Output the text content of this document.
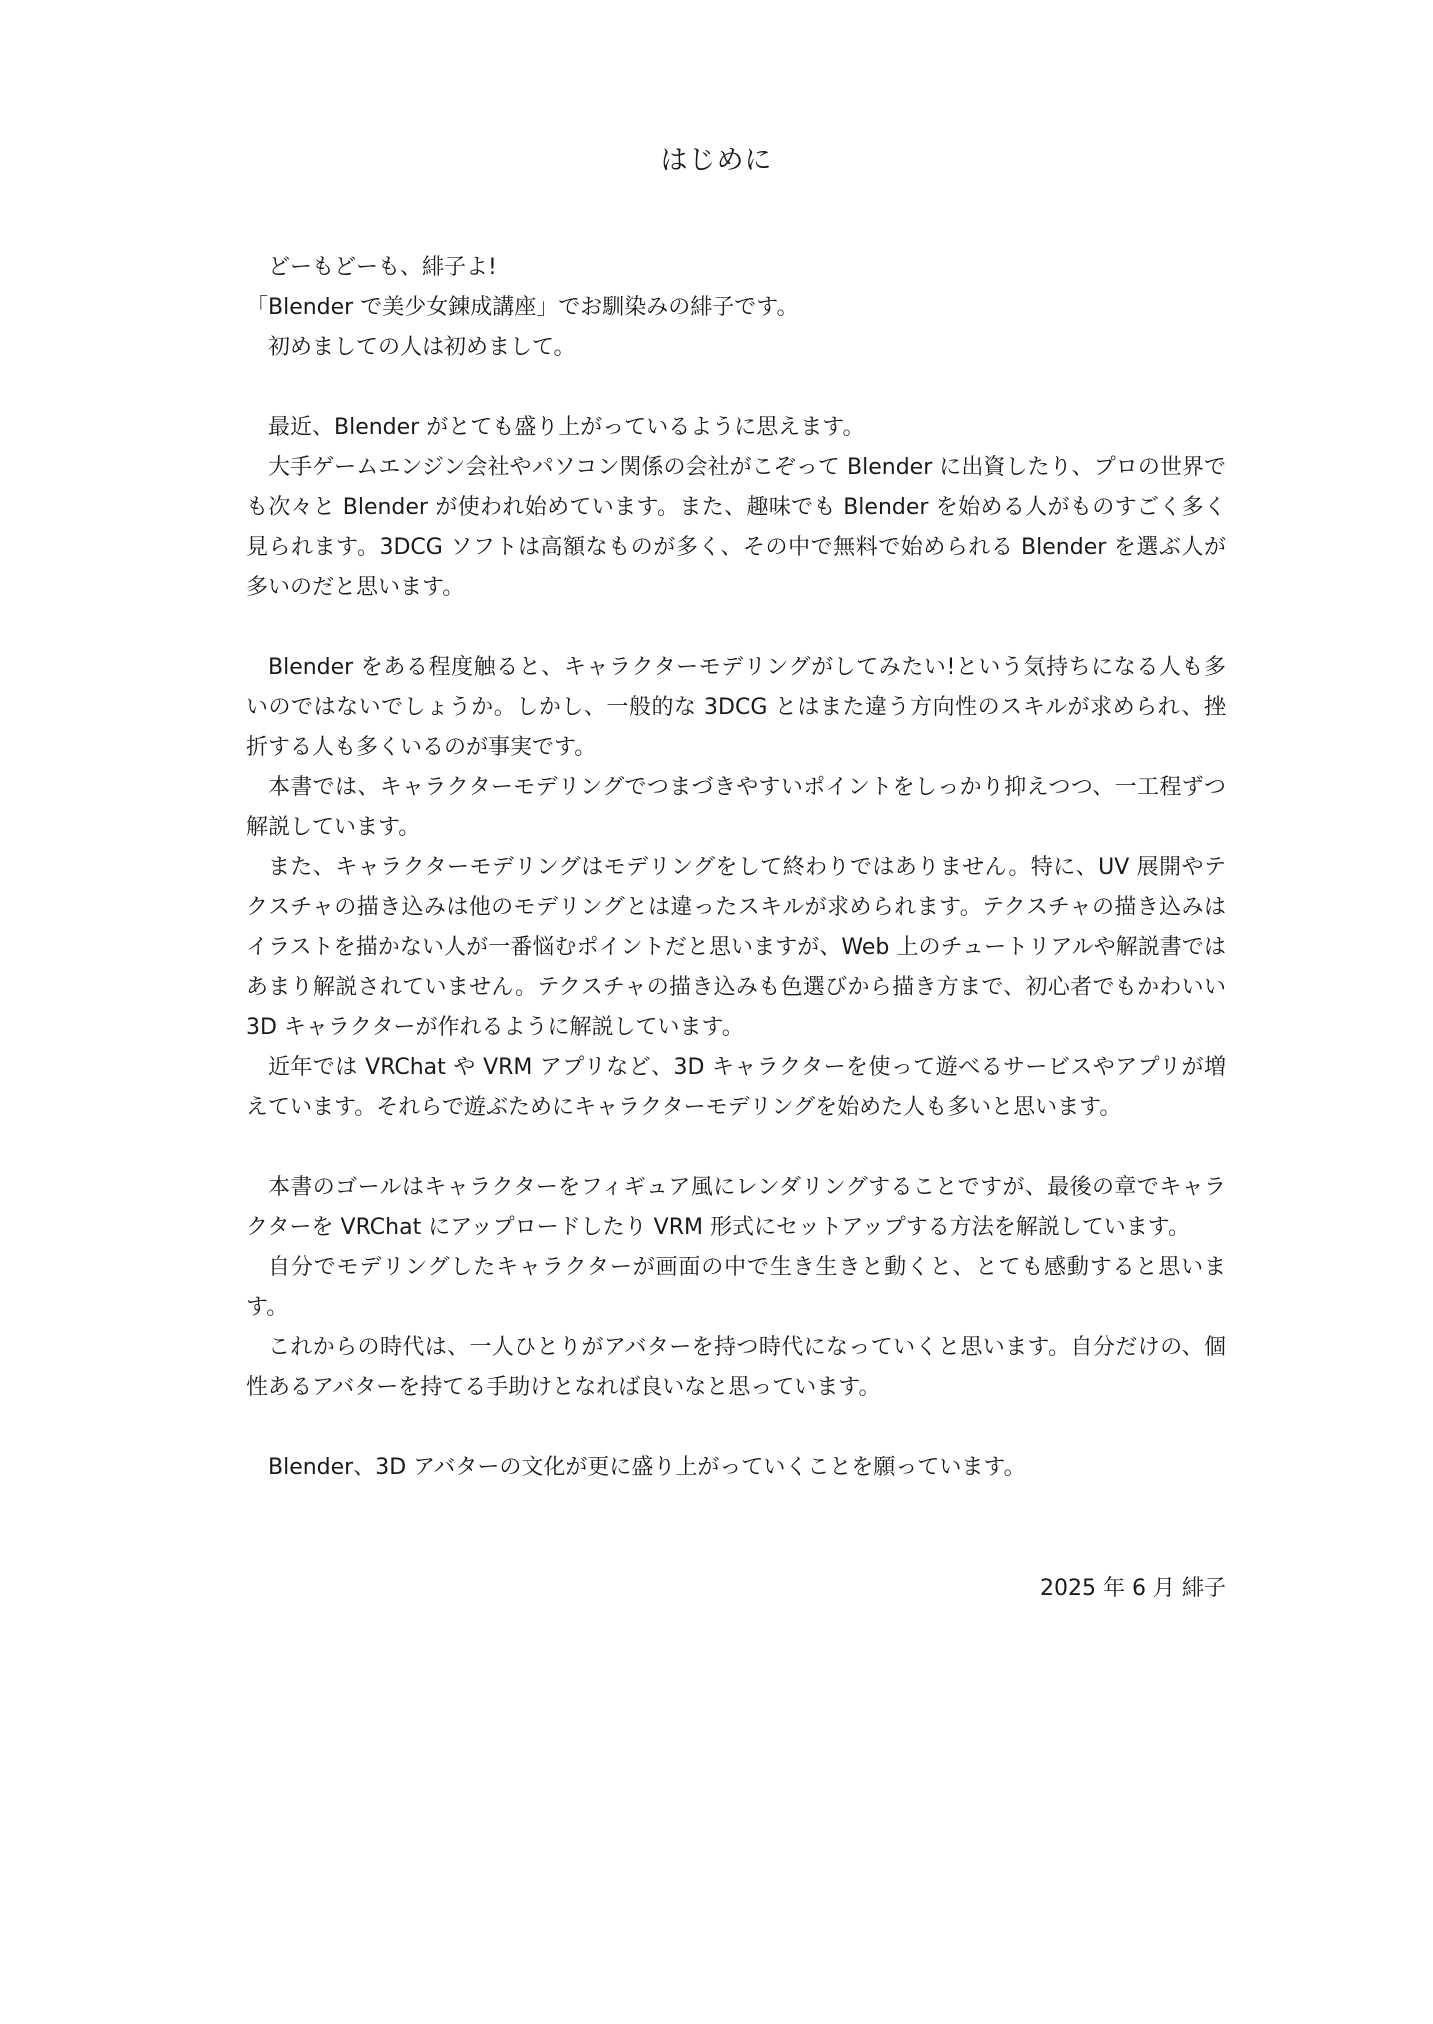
はじめに

どーもどーも、緋子よ!

「Blender で美少女錬成講座」でお馴染みの緋子です。

初めましての人は初めまして。

最近、Blender がとても盛り上がっているように思えます。

大手ゲームエンジン会社やパソコン関係の会社がこぞって Blender に出資したり、プロの世界でも次々と Blender が使われ始めています。また、趣味でも Blender を始める人がものすごく多く見られます。3DCG ソフトは高額なものが多く、その中で無料で始められる Blender を選ぶ人が多いのだと思います。

Blender をある程度触ると、キャラクターモデリングがしてみたい!という気持ちになる人も多いのではないでしょうか。しかし、一般的な 3DCG とはまた違う方向性のスキルが求められ、挫折する人も多くいるのが事実です。

本書では、キャラクターモデリングでつまづきやすいポイントをしっかり抑えつつ、一工程ずつ解説しています。

また、キャラクターモデリングはモデリングをして終わりではありません。特に、UV 展開やテクスチャの描き込みは他のモデリングとは違ったスキルが求められます。テクスチャの描き込みはイラストを描かない人が一番悩むポイントだと思いますが、Web 上のチュートリアルや解説書ではあまり解説されていません。テクスチャの描き込みも色選びから描き方まで、初心者でもかわいい 3D キャラクターが作れるように解説しています。

近年では VRChat や VRM アプリなど、3D キャラクターを使って遊べるサービスやアプリが増えています。それらで遊ぶためにキャラクターモデリングを始めた人も多いと思います。

本書のゴールはキャラクターをフィギュア風にレンダリングすることですが、最後の章でキャラクターを VRChat にアップロードしたり VRM 形式にセットアップする方法を解説しています。

自分でモデリングしたキャラクターが画面の中で生き生きと動くと、とても感動すると思います。

これからの時代は、一人ひとりがアバターを持つ時代になっていくと思います。自分だけの、個性あるアバターを持てる手助けとなれば良いなと思っています。

Blender、3D アバターの文化が更に盛り上がっていくことを願っています。

2025 年 6 月 緋子
